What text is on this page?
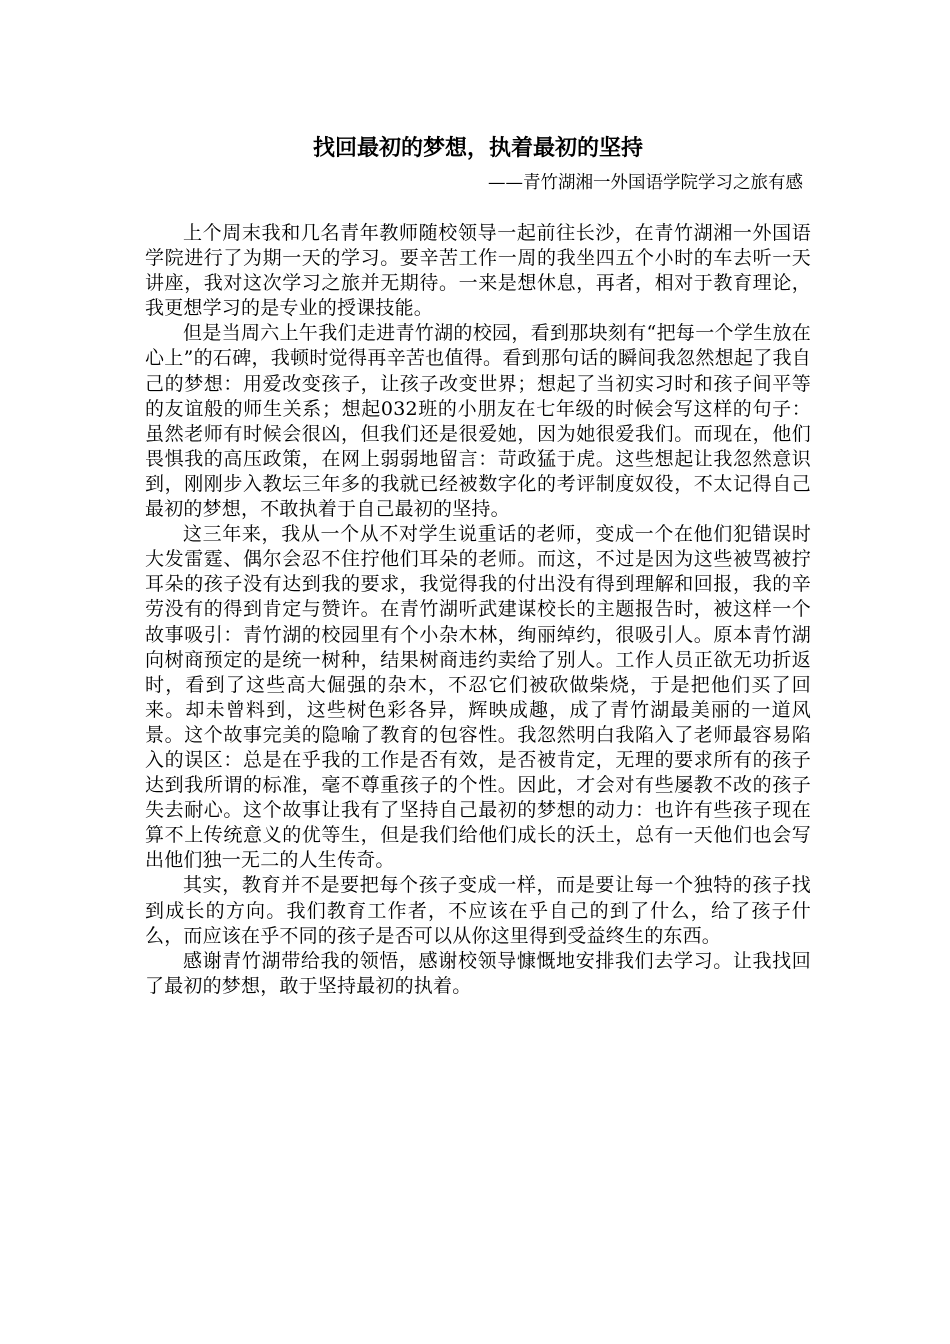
找回最初的梦想，执着最初的坚持
——青竹湖湘一外国语学院学习之旅有感

上个周末我和几名青年教师随校领导一起前往长沙，在青竹湖湘一外国语学院进行了为期一天的学习。要辛苦工作一周的我坐四五个小时的车去听一天讲座，我对这次学习之旅并无期待。一来是想休息，再者，相对于教育理论，我更想学习的是专业的授课技能。

但是当周六上午我们走进青竹湖的校园，看到那块刻有“把每一个学生放在心上”的石碑，我顿时觉得再辛苦也值得。看到那句话的瞬间我忽然想起了我自己的梦想：用爱改变孩子，让孩子改变世界；想起了当初实习时和孩子间平等的友谊般的师生关系；想起032班的小朋友在七年级的时候会写这样的句子：虽然老师有时候会很凶，但我们还是很爱她，因为她很爱我们。而现在，他们畏惧我的高压政策，在网上弱弱地留言：苛政猛于虎。这些想起让我忽然意识到，刚刚步入教坛三年多的我就已经被数字化的考评制度奴役，不太记得自己最初的梦想，不敢执着于自己最初的坚持。

这三年来，我从一个从不对学生说重话的老师，变成一个在他们犯错误时大发雷霆、偶尔会忍不住拧他们耳朵的老师。而这，不过是因为这些被骂被拧耳朵的孩子没有达到我的要求，我觉得我的付出没有得到理解和回报，我的辛劳没有的得到肯定与赞许。在青竹湖听武建谋校长的主题报告时，被这样一个故事吸引：青竹湖的校园里有个小杂木林，绚丽绰约，很吸引人。原本青竹湖向树商预定的是统一树种，结果树商违约卖给了别人。工作人员正欲无功折返时，看到了这些高大倔强的杂木，不忍它们被砍做柴烧，于是把他们买了回来。却未曾料到，这些树色彩各异，辉映成趣，成了青竹湖最美丽的一道风景。这个故事完美的隐喻了教育的包容性。我忽然明白我陷入了老师最容易陷入的误区：总是在乎我的工作是否有效，是否被肯定，无理的要求所有的孩子达到我所谓的标准，毫不尊重孩子的个性。因此，才会对有些屡教不改的孩子失去耐心。这个故事让我有了坚持自己最初的梦想的动力：也许有些孩子现在算不上传统意义的优等生，但是我们给他们成长的沃土，总有一天他们也会写出他们独一无二的人生传奇。

其实，教育并不是要把每个孩子变成一样，而是要让每一个独特的孩子找到成长的方向。我们教育工作者，不应该在乎自己的到了什么，给了孩子什么，而应该在乎不同的孩子是否可以从你这里得到受益终生的东西。

感谢青竹湖带给我的领悟，感谢校领导慷慨地安排我们去学习。让我找回了最初的梦想，敢于坚持最初的执着。
